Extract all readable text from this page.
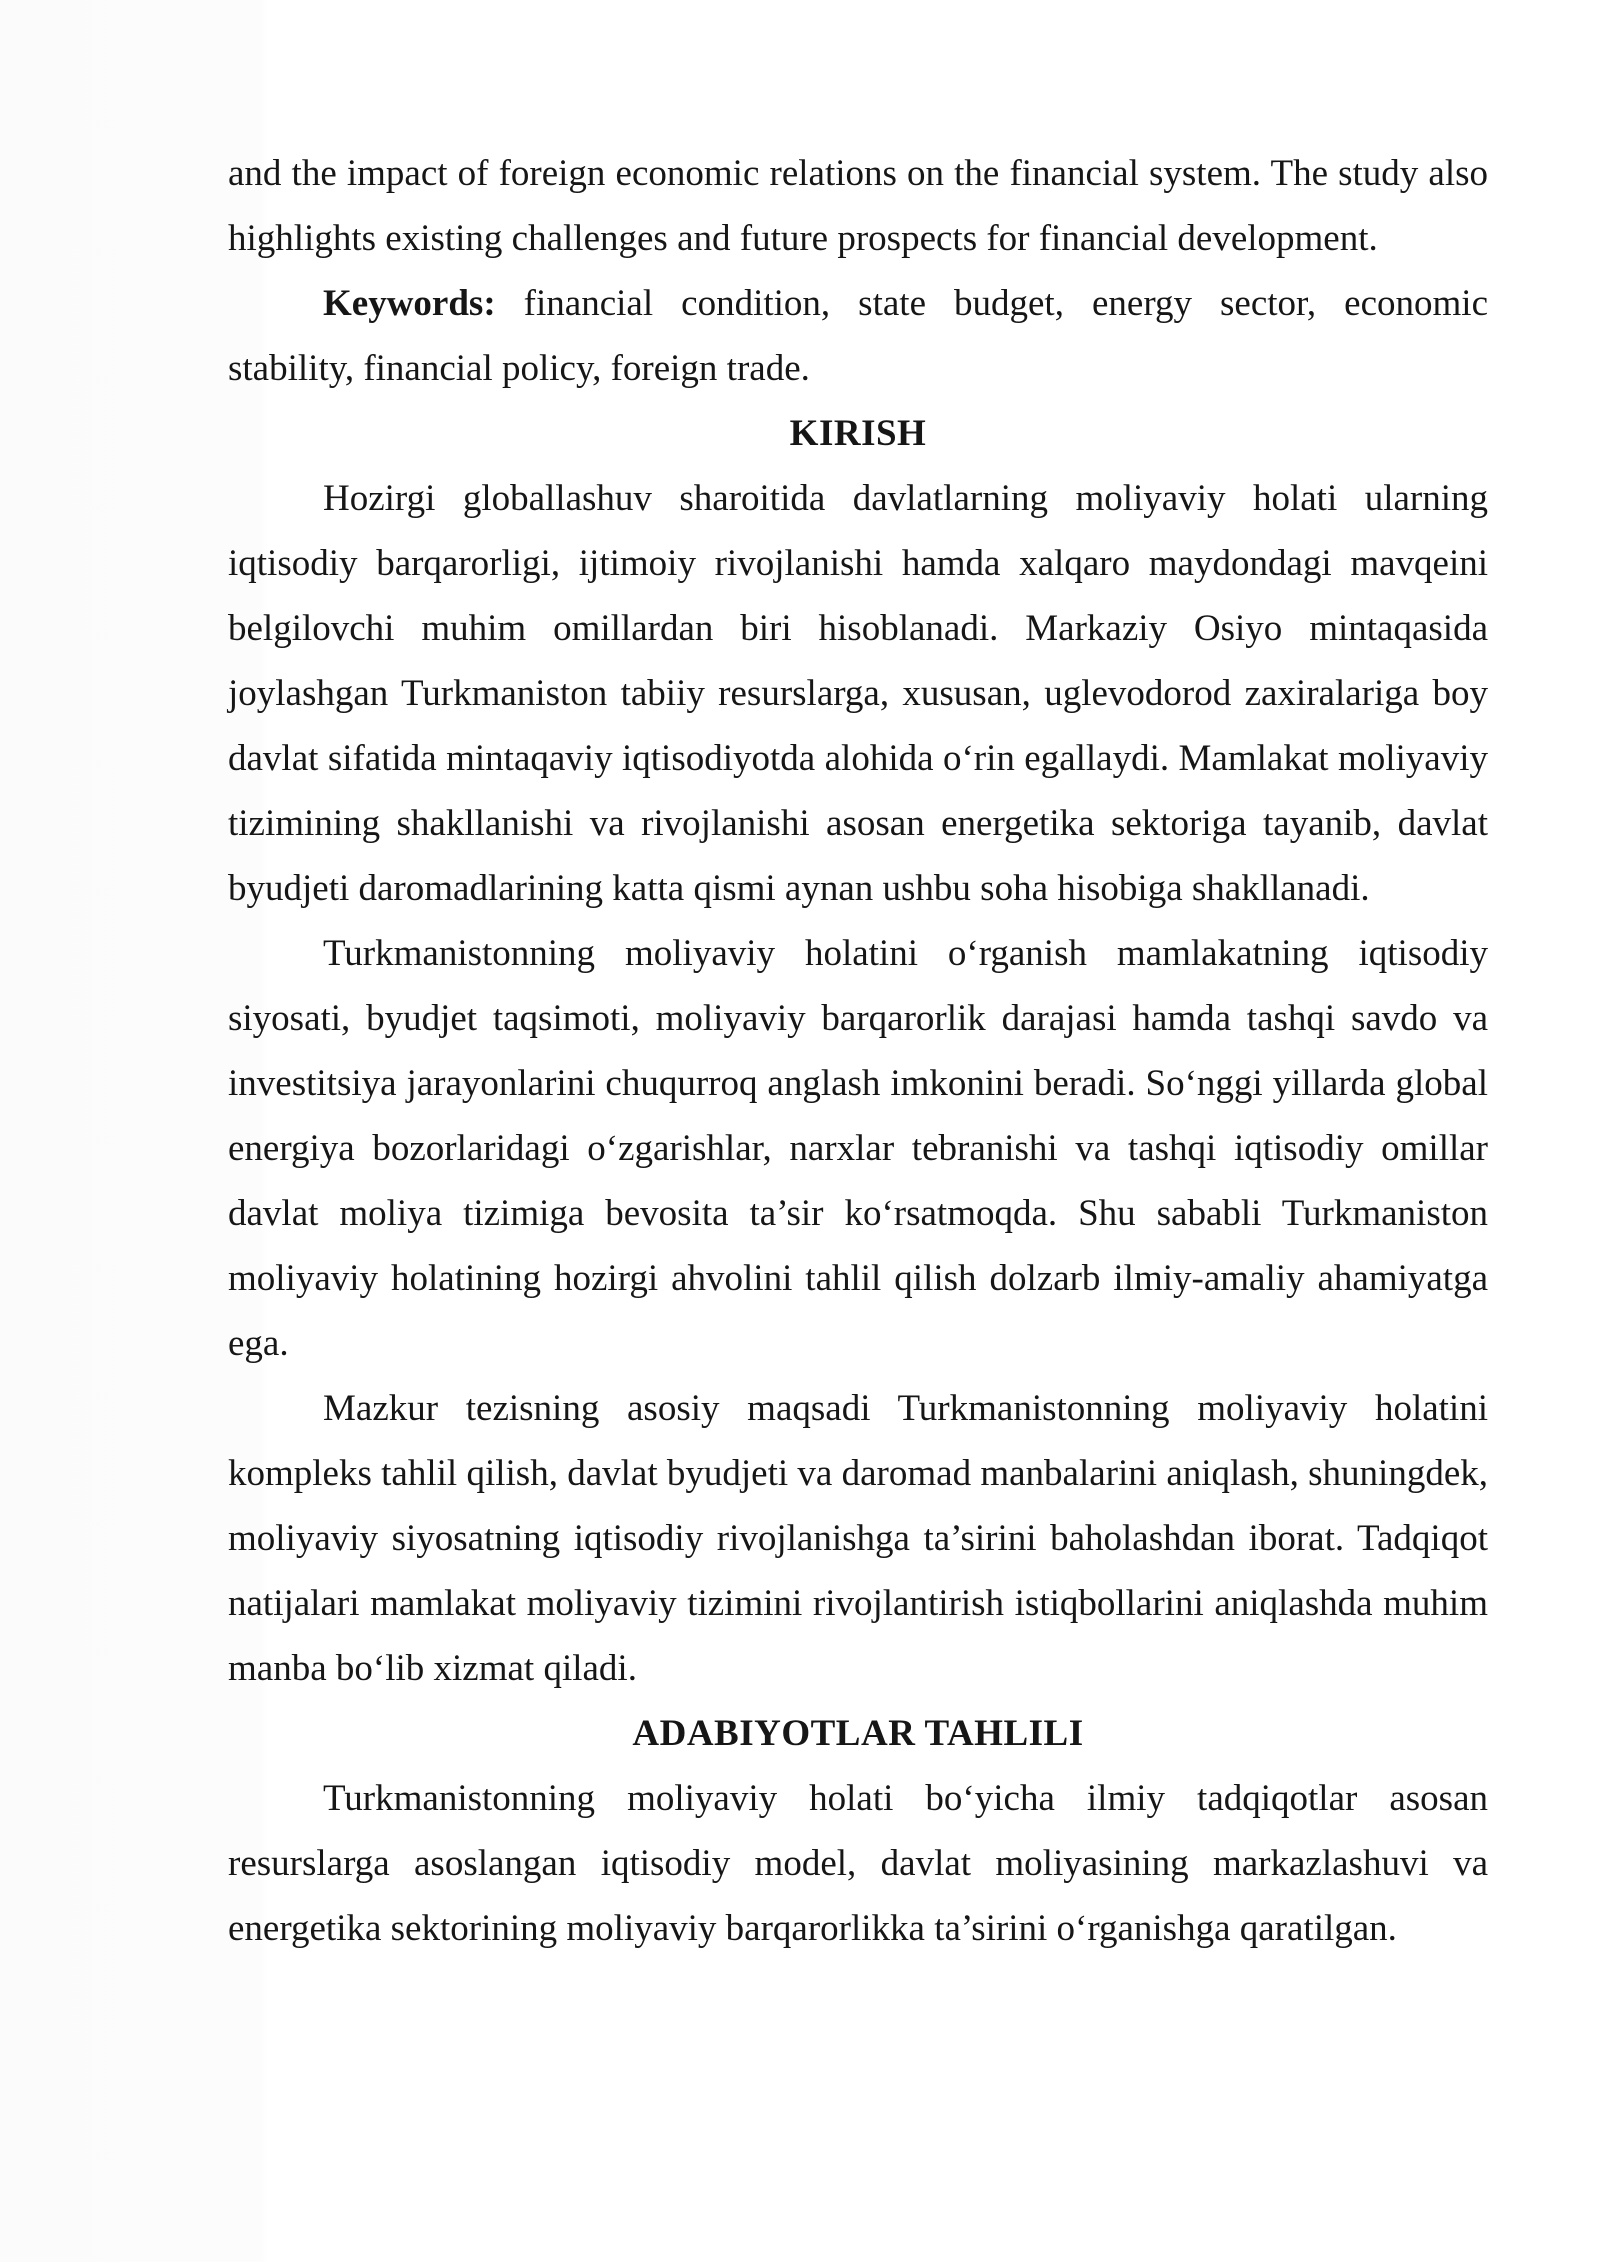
and the impact of foreign economic relations on the financial system. The study also highlights existing challenges and future prospects for financial development.

Keywords: financial condition, state budget, energy sector, economic stability, financial policy, foreign trade.

KIRISH

Hozirgi globallashuv sharoitida davlatlarning moliyaviy holati ularning iqtisodiy barqarorligi, ijtimoiy rivojlanishi hamda xalqaro maydondagi mavqeini belgilovchi muhim omillardan biri hisoblanadi. Markaziy Osiyo mintaqasida joylashgan Turkmaniston tabiiy resurslarga, xususan, uglevodorod zaxiralariga boy davlat sifatida mintaqaviy iqtisodiyotda alohida o‘rin egallaydi. Mamlakat moliyaviy tizimining shakllanishi va rivojlanishi asosan energetika sektoriga tayanib, davlat byudjeti daromadlarining katta qismi aynan ushbu soha hisobiga shakllanadi.

Turkmanistonning moliyaviy holatini o‘rganish mamlakatning iqtisodiy siyosati, byudjet taqsimoti, moliyaviy barqarorlik darajasi hamda tashqi savdo va investitsiya jarayonlarini chuqurroq anglash imkonini beradi. So‘nggi yillarda global energiya bozorlaridagi o‘zgarishlar, narxlar tebranishi va tashqi iqtisodiy omillar davlat moliya tizimiga bevosita ta’sir ko‘rsatmoqda. Shu sababli Turkmaniston moliyaviy holatining hozirgi ahvolini tahlil qilish dolzarb ilmiy-amaliy ahamiyatga ega.

Mazkur tezisning asosiy maqsadi Turkmanistonning moliyaviy holatini kompleks tahlil qilish, davlat byudjeti va daromad manbalarini aniqlash, shuningdek, moliyaviy siyosatning iqtisodiy rivojlanishga ta’sirini baholashdan iborat. Tadqiqot natijalari mamlakat moliyaviy tizimini rivojlantirish istiqbollarini aniqlashda muhim manba bo‘lib xizmat qiladi.

ADABIYOTLAR TAHLILI

Turkmanistonning moliyaviy holati bo‘yicha ilmiy tadqiqotlar asosan resurslarga asoslangan iqtisodiy model, davlat moliyasining markazlashuvi va energetika sektorining moliyaviy barqarorlikka ta’sirini o‘rganishga qaratilgan.
